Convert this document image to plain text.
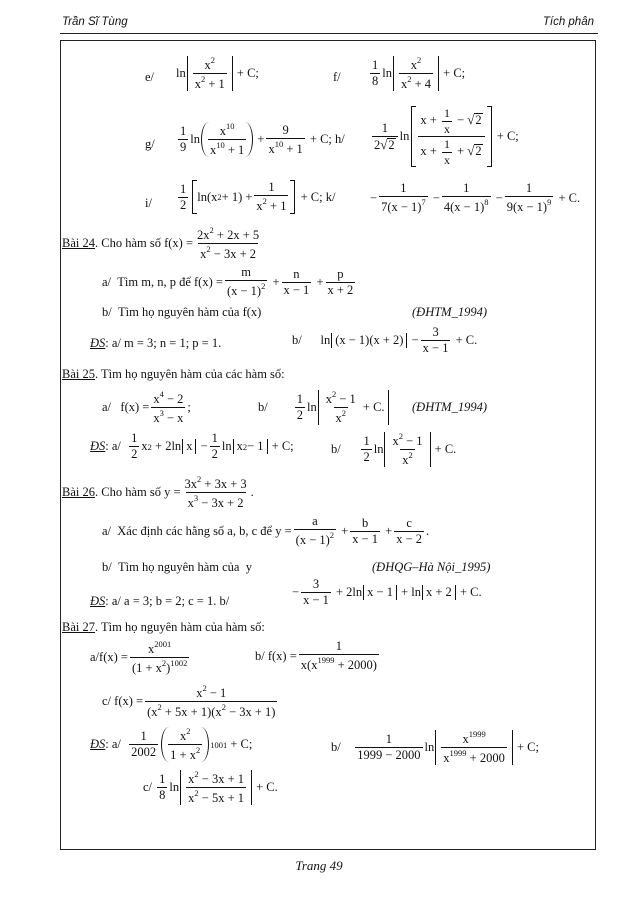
Trần Sĩ Tùng	Tích phân
e/ $\ln \frac{x^2}{x^2 + 1}$
+ C;	$f/ \frac{1}{8}$ $\ln \frac{x^2}{x^2 + 4}$
+ C;
$g/ \frac{1}{9}$ $\ln \frac{x^{10}}{x^{10} + 1} + \frac{9}{x^{10} + 1}$
+ C;
$h/ \frac{1}{2 √ 2}$ $\ln \frac{x + \frac{1}{x} - √ 2}{x + \frac{1}{x} + √ 2}$
+ C;
$i/ \frac{1}{2} \ln(x$ $2 + 1) + \frac{1}{x^2 + 1}$
+ C;
k/	− $\frac{1}{7(x - 1)^7} - \frac{1}{4(x - 1)^8} - \frac{1}{9(x - 1)^9}$
+ C.
Bài 24 . Cho hàm số $f(x) = \frac{2x^2 + 2x + 5}{x^2 - 3x + 2}$
a/
Tìm m, n, p để $f(x) = \frac{m}{(x - 1)^2} + \frac{n}{x - 1} + \frac{p}{x + 2}$
b/
Tìm họ nguyên hàm của
f(x)	(ĐHTM_1994)
ĐS : a/ m = 3; n = 1; p = 1.	b/ $\ln (x - 1)(x + 2) - \frac{3}{x - 1}$
+ C.
Bài 25 . Tìm họ nguyên hàm của các hàm số:
a/ $f(x) = \frac{x^4 - 2}{x^3 - x}$ ;	b/
$\frac{1}{2}$ $\ln \frac{x^2 - 1}{x^2}$
+ C. (ĐHTM_1994)
ĐS : a/
$\frac{1}{2}$ x 2 + 2ln $x - \frac{1}{2}$ ln x 2 − 1
+ C;	b/
$\frac{1}{2}$ $\ln \frac{x^2 - 1}{x^2}$
+ C.
Bài 26 . Cho hàm số $y = \frac{3x^2 + 3x + 3}{x^3 - 3x + 2}$ .
a/
Xác định các hằng số a, b, c để $y = \frac{a}{(x - 1)^2} + \frac{b}{x - 1} + \frac{c}{x - 2}$ .
b/
Tìm họ nguyên hàm của
y	(ĐHQG–Hà Nội_1995)
ĐS : a/ a = 3; b = 2; c = 1.
b/
− $\frac{3}{x - 1} + 2\ln$ x − 1 + ln x + 2
+ C.
Bài 27 . Tìm họ nguyên hàm của hàm số:
a/ $f(x) = \frac{x^{2001}}{(1 + x^2)^{1002}}$	b/ $f(x) = \frac{1}{x(x^{1999} + 2000)}$
c/ $f(x) = \frac{x^2 - 1}{(x^2 + 5x + 1)(x^2 - 3x + 1)}$
ĐS : a/
$\frac{1}{2002} \frac{x^2}{1 + x^2} 1001$
+ C;	b/
$\frac{1}{1999 - 2000}$ $\ln \frac{x^{1999}}{x^{1999} + 2000}$
+ C;
c/
$\frac{1}{8}$ $\ln \frac{x^2 - 3x + 1}{x^2 - 5x + 1}$
+ C.
Trang 49
